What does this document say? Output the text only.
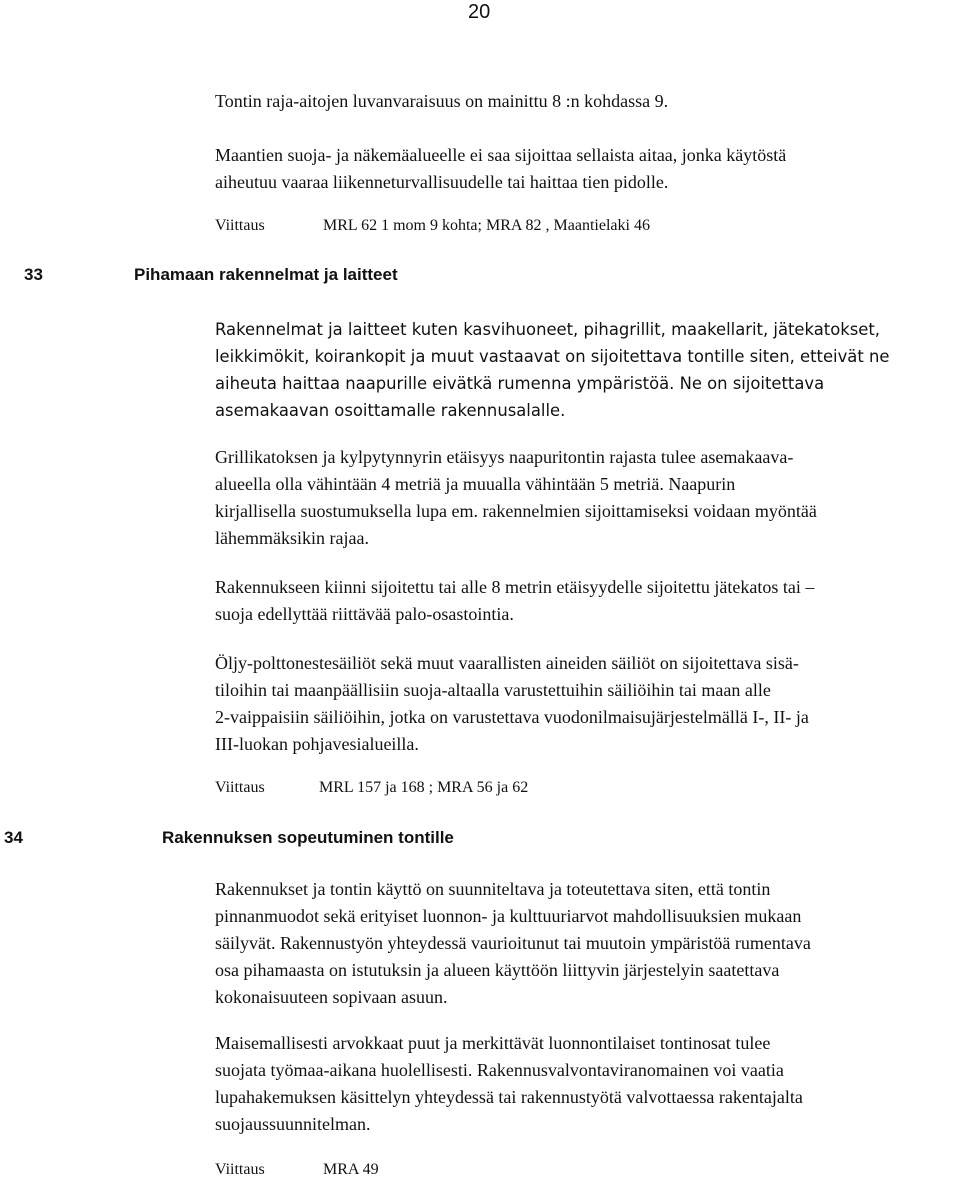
20

Tontin raja-aitojen luvanvaraisuus on mainittu 8 :n kohdassa 9.

Maantien suoja- ja näkemäalueelle ei saa sijoittaa sellaista aitaa, jonka käytöstä
aiheutuu vaaraa liikenneturvallisuudelle tai haittaa tien pidolle.

Viittaus	MRL 62 1 mom 9 kohta; MRA 82 , Maantielaki 46
33	Pihamaan rakennelmat ja laitteet

Rakennelmat ja laitteet kuten kasvihuoneet, pihagrillit, maakellarit, jätekatokset,
leikkimökit, koirankopit ja muut vastaavat on sijoitettava tontille siten, etteivät ne
aiheuta haittaa naapurille eivätkä rumenna ympäristöä. Ne on sijoitettava
asemakaavan osoittamalle rakennusalalle.

Grillikatoksen ja kylpytynnyrin etäisyys naapuritontin rajasta tulee asemakaava-
alueella olla vähintään 4 metriä ja muualla vähintään 5 metriä. Naapurin
kirjallisella suostumuksella lupa em. rakennelmien sijoittamiseksi voidaan myöntää
lähemmäksikin rajaa.

Rakennukseen kiinni sijoitettu tai alle 8 metrin etäisyydelle sijoitettu jätekatos tai –
suoja edellyttää riittävää palo-osastointia.

Öljy-polttonestesäiliöt sekä muut vaarallisten aineiden säiliöt on sijoitettava sisä-
tiloihin tai maanpäällisiin suoja-altaalla varustettuihin säiliöihin tai maan alle
2-vaippaisiin säiliöihin, jotka on varustettava vuodonilmaisujärjestelmällä I-, II- ja
III-luokan pohjavesialueilla.

Viittaus	MRL 157 ja 168 ; MRA 56 ja 62
34	Rakennuksen sopeutuminen tontille

Rakennukset ja tontin käyttö on suunniteltava ja toteutettava siten, että tontin
pinnanmuodot sekä erityiset luonnon- ja kulttuuriarvot mahdollisuuksien mukaan
säilyvät. Rakennustyön yhteydessä vaurioitunut tai muutoin ympäristöä rumentava
osa pihamaasta on istutuksin ja alueen käyttöön liittyvin järjestelyin saatettava
kokonaisuuteen sopivaan asuun.

Maisemallisesti arvokkaat puut ja merkittävät luonnontilaiset tontinosat tulee
suojata työmaa-aikana huolellisesti. Rakennusvalvontaviranomainen voi vaatia
lupahakemuksen käsittelyn yhteydessä tai rakennustyötä valvottaessa rakentajalta
suojaussuunnitelman.

Viittaus	MRA 49
